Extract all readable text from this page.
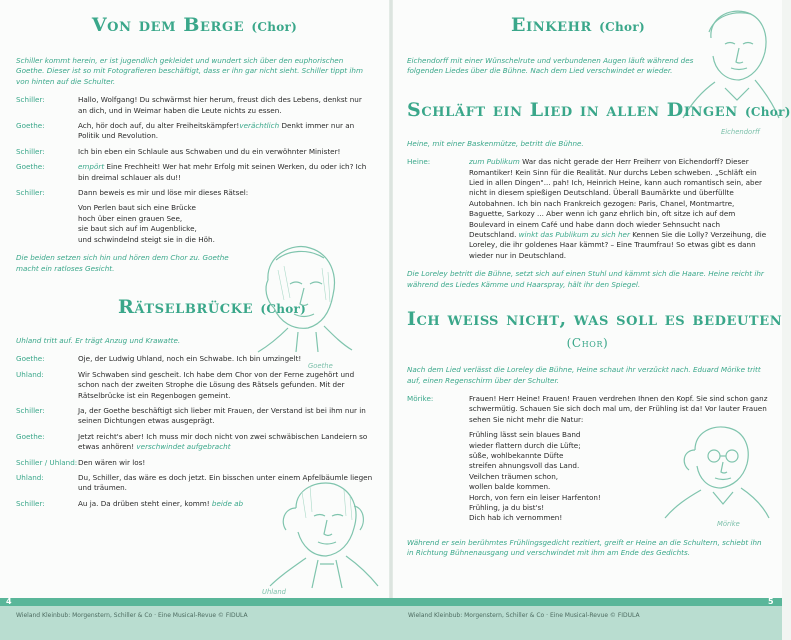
Von dem Berge (Chor)
Schiller kommt herein, er ist jugendlich gekleidet und wundert sich über den euphorischen Goethe. Dieser ist so mit Fotografieren beschäftigt, dass er ihn gar nicht sieht. Schiller tippt ihm von hinten auf die Schulter.
Schiller:	Hallo, Wolfgang! Du schwärmst hier herum, freust dich des Lebens, denkst nur an dich, und in Weimar haben die Leute nichts zu essen.
Goethe:	Ach, hör doch auf, du alter Freiheitskämpfer!verächtlich Denkt immer nur an Politik und Revolution.
Schiller:	Ich bin eben ein Schlaule aus Schwaben und du ein verwöhnter Minister!
Goethe:	empört Eine Frechheit! Wer hat mehr Erfolg mit seinen Werken, du oder ich? Ich bin dreimal schlauer als du!!
Schiller:	Dann beweis es mir und löse mir dieses Rätsel:
Von Perlen baut sich eine Brücke
hoch über einen grauen See,
sie baut sich auf im Augenblicke,
und schwindelnd steigt sie in die Höh.
Die beiden setzen sich hin und hören dem Chor zu. Goethe macht ein ratloses Gesicht.
Rätselbrücke (Chor)
Uhland tritt auf. Er trägt Anzug und Krawatte.
Goethe:	Oje, der Ludwig Uhland, noch ein Schwabe. Ich bin umzingelt!
Uhland:	Wir Schwaben sind gescheit. Ich habe dem Chor von der Ferne zugehört und schon nach der zweiten Strophe die Lösung des Rätsels gefunden. Mit der Rätselbrücke ist ein Regenbogen gemeint.
Schiller:	Ja, der Goethe beschäftigt sich lieber mit Frauen, der Verstand ist bei ihm nur in seinen Dichtungen etwas ausgeprägt.
Goethe:	Jetzt reicht's aber! Ich muss mir doch nicht von zwei schwäbischen Landeiern so etwas anhören! verschwindet aufgebracht
Schiller / Uhland: Den wären wir los!
Uhland:	Du, Schiller, das wäre es doch jetzt. Ein bisschen unter einem Apfelbäumle liegen und träumen.
Schiller:	Au ja. Da drüben steht einer, komm! beide ab
Goethe
Uhland
Einkehr (Chor)
Eichendorff mit einer Wünschelrute und verbundenen Augen läuft während des folgenden Liedes über die Bühne. Nach dem Lied verschwindet er wieder.
Eichendorff
Schläft ein Lied in allen Dingen (Chor)
Heine, mit einer Baskenmütze, betritt die Bühne.
Heine:	zum Publikum War das nicht gerade der Herr Freiherr von Eichendorff? Dieser Romantiker! Kein Sinn für die Realität. Nur durchs Leben schweben. „Schläft ein Lied in allen Dingen"... pah! Ich, Heinrich Heine, kann auch romantisch sein, aber nicht in diesem spießigen Deutschland. Überall Baumärkte und überfüllte Autobahnen. Ich bin nach Frankreich gezogen: Paris, Chanel, Montmartre, Baguette, Sarkozy ... Aber wenn ich ganz ehrlich bin, oft sitze ich auf dem Boulevard in einem Café und habe dann doch wieder Sehnsucht nach Deutschland. winkt das Publikum zu sich her Kennen Sie die Lolly? Verzeihung, die Loreley, die ihr goldenes Haar kämmt? – Eine Traumfrau! So etwas gibt es dann wieder nur in Deutschland.
Die Loreley betritt die Bühne, setzt sich auf einen Stuhl und kämmt sich die Haare. Heine reicht ihr während des Liedes Kämme und Haarspray, hält ihr den Spiegel.
Ich weiß nicht, was soll es bedeuten
(Chor)
Nach dem Lied verlässt die Loreley die Bühne, Heine schaut ihr verzückt nach. Eduard Mörike tritt auf, einen Regenschirm über der Schulter.
Mörike:	Frauen! Herr Heine! Frauen! Frauen verdrehen Ihnen den Kopf. Sie sind schon ganz schwermütig. Schauen Sie sich doch mal um, der Frühling ist da! Vor lauter Frauen sehen Sie nicht mehr die Natur:
Frühling lässt sein blaues Band
wieder flattern durch die Lüfte;
süße, wohlbekannte Düfte
streifen ahnungsvoll das Land.
Veilchen träumen schon,
wollen balde kommen.
Horch, von fern ein leiser Harfenton!
Frühling, ja du bist's!
Dich hab ich vernommen!
Mörike
Während er sein berühmtes Frühlingsgedicht rezitiert, greift er Heine an die Schultern, schiebt ihn in Richtung Bühnenausgang und verschwindet mit ihm am Ende des Gedichts.
4	5
Wieland Kleinbub: Morgenstern, Schiller & Co · Eine Musical-Revue © FIDULA	Wieland Kleinbub: Morgenstern, Schiller & Co · Eine Musical-Revue © FIDULA
